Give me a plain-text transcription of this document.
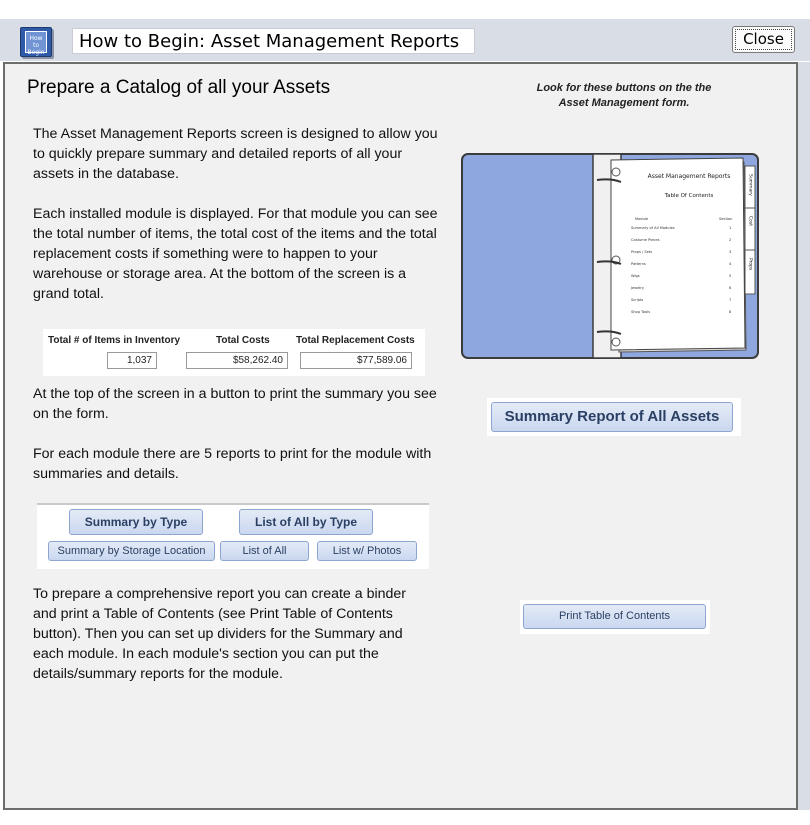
How to Begin
How to Begin: Asset Management Reports	Close
Prepare a Catalog of all your Assets
The Asset Management Reports screen is designed to allow you to quickly prepare summary and detailed reports of all your assets in the database.
Each installed module is displayed. For that module you can see the total number of items, the total cost of the items and the total replacement costs if something were to happen to your warehouse or storage area. At the bottom of the screen is a grand total.
At the top of the screen in a button to print the summary you see on the form.
For each module there are 5 reports to print for the module with summaries and details.
To prepare a comprehensive report you can create a binder and print a Table of Contents (see Print Table of Contents button). Then you can set up dividers for the Summary and each module. In each module's section you can put the details/summary reports for the module.
Look for these buttons on the the Asset Management form.
Total # of Items in Inventory	Total Costs	Total Replacement Costs
1,037	$58,262.40	$77,589.06
Summary by Type	List of All by Type
Summary by Storage Location	List of All	List w/ Photos
Summary Report of All Assets
Print Table of Contents
Summary
Cost
Props
Asset Management Reports
Table Of Contents
Module	Section
Summary of All Modules	1
Costume Pieces	2
Props / Sets	3
Patterns	4
Wigs	5
Jewelry	6
Scripts	7
Shop Tools	8
